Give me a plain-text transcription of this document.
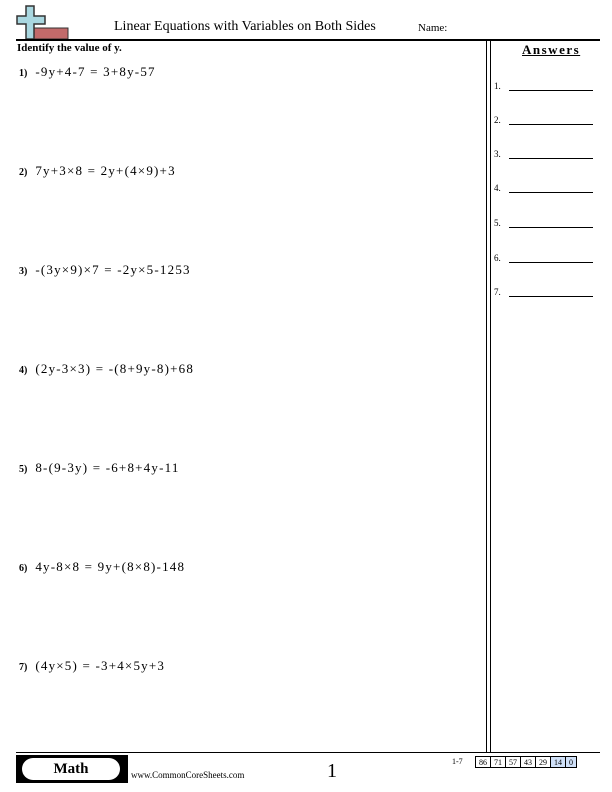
Linear Equations with Variables on Both Sides	Name:
Identify the value of y.	Answers
1) -9y+4-7 = 3+8y-57
2) 7y+3×8 = 2y+(4×9)+3
3) -(3y×9)×7 = -2y×5-1253
4) (2y-3×3) = -(8+9y-8)+68
5) 8-(9-3y) = -6+8+4y-11
6) 4y-8×8 = 9y+(8×8)-148
7) (4y×5) = -3+4×5y+3
1.
2.
3.
4.
5.
6.
7.
Math	www.CommonCoreSheets.com	1	1-7 86	71	57	43	29	14	0
